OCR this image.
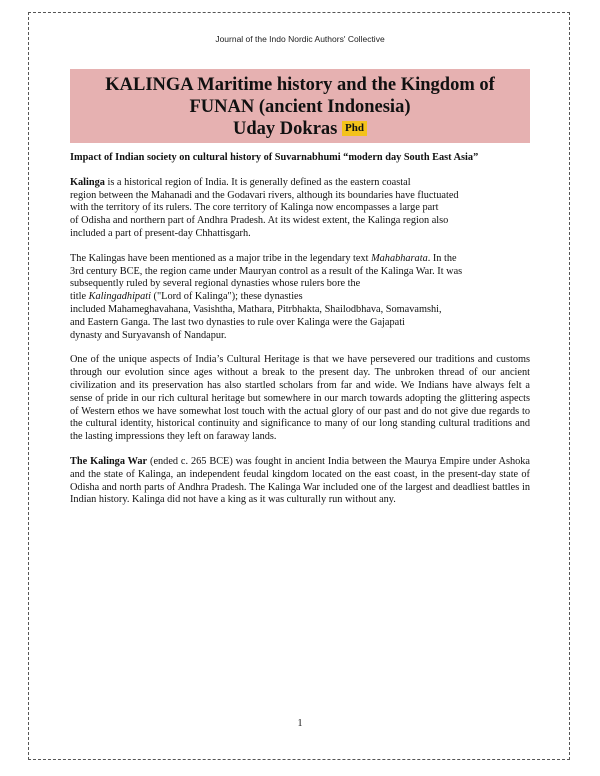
Journal of the Indo Nordic Authors' Collective
KALINGA Maritime history and the Kingdom of
FUNAN (ancient Indonesia)
Uday Dokras Phd

Impact of Indian society on cultural history of Suvarnabhumi “modern day South East Asia”

Kalinga is a historical region of India. It is generally defined as the eastern coastal
region between the Mahanadi and the Godavari rivers, although its boundaries have fluctuated
with the territory of its rulers. The core territory of Kalinga now encompasses a large part
of Odisha and northern part of Andhra Pradesh. At its widest extent, the Kalinga region also
included a part of present-day Chhattisgarh.

The Kalingas have been mentioned as a major tribe in the legendary text Mahabharata. In the
3rd century BCE, the region came under Mauryan control as a result of the Kalinga War. It was
subsequently ruled by several regional dynasties whose rulers bore the
title Kalingadhipati ("Lord of Kalinga"); these dynasties
included Mahameghavahana, Vasishtha, Mathara, Pitrbhakta, Shailodbhava, Somavamshi,
and Eastern Ganga. The last two dynasties to rule over Kalinga were the Gajapati
dynasty and Suryavansh of Nandapur.

One of the unique aspects of India’s Cultural Heritage is that we have persevered our traditions and customs through our evolution since ages without a break to the present day. The unbroken thread of our ancient civilization and its preservation has also startled scholars from far and wide. We Indians have always felt a sense of pride in our rich cultural heritage but somewhere in our march towards adopting the glittering aspects of Western ethos we have somewhat lost touch with the actual glory of our past and do not give due regards to the cultural identity, historical continuity and significance to many of our long standing cultural traditions and the lasting impressions they left on faraway lands.

The Kalinga War (ended c. 265 BCE) was fought in ancient India between the Maurya Empire under Ashoka and the state of Kalinga, an independent feudal kingdom located on the east coast, in the present-day state of Odisha and north parts of Andhra Pradesh. The Kalinga War included one of the largest and deadliest battles in Indian history. Kalinga did not have a king as it was culturally run without any.

1
